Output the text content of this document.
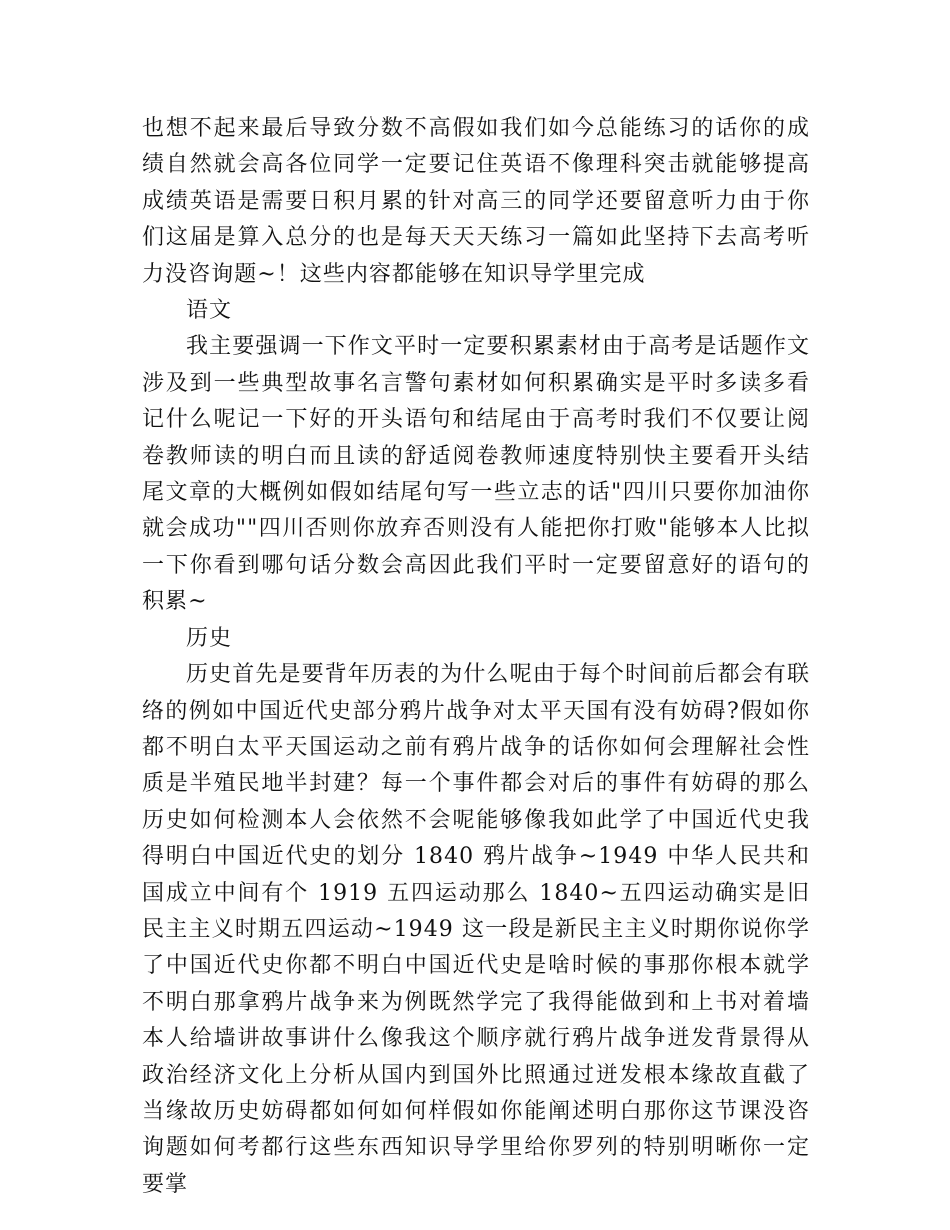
也想不起来最后导致分数不高假如我们如今总能练习的话你的成绩自然就会高各位同学一定要记住英语不像理科突击就能够提高成绩英语是需要日积月累的针对高三的同学还要留意听力由于你们这届是算入总分的也是每天天天练习一篇如此坚持下去高考听力没咨询题~！这些内容都能够在知识导学里完成

语文

我主要强调一下作文平时一定要积累素材由于高考是话题作文涉及到一些典型故事名言警句素材如何积累确实是平时多读多看记什么呢记一下好的开头语句和结尾由于高考时我们不仅要让阅卷教师读的明白而且读的舒适阅卷教师速度特别快主要看开头结尾文章的大概例如假如结尾句写一些立志的话"四川只要你加油你就会成功""四川否则你放弃否则没有人能把你打败"能够本人比拟一下你看到哪句话分数会高因此我们平时一定要留意好的语句的积累~

历史

历史首先是要背年历表的为什么呢由于每个时间前后都会有联络的例如中国近代史部分鸦片战争对太平天国有没有妨碍?假如你都不明白太平天国运动之前有鸦片战争的话你如何会理解社会性质是半殖民地半封建？每一个事件都会对后的事件有妨碍的那么历史如何检测本人会依然不会呢能够像我如此学了中国近代史我得明白中国近代史的划分 1840 鸦片战争~1949 中华人民共和国成立中间有个 1919 五四运动那么 1840~五四运动确实是旧民主主义时期五四运动~1949 这一段是新民主主义时期你说你学了中国近代史你都不明白中国近代史是啥时候的事那你根本就学不明白那拿鸦片战争来为例既然学完了我得能做到和上书对着墙本人给墙讲故事讲什么像我这个顺序就行鸦片战争迸发背景得从政治经济文化上分析从国内到国外比照通过迸发根本缘故直截了当缘故历史妨碍都如何如何样假如你能阐述明白那你这节课没咨询题如何考都行这些东西知识导学里给你罗列的特别明晰你一定要掌
